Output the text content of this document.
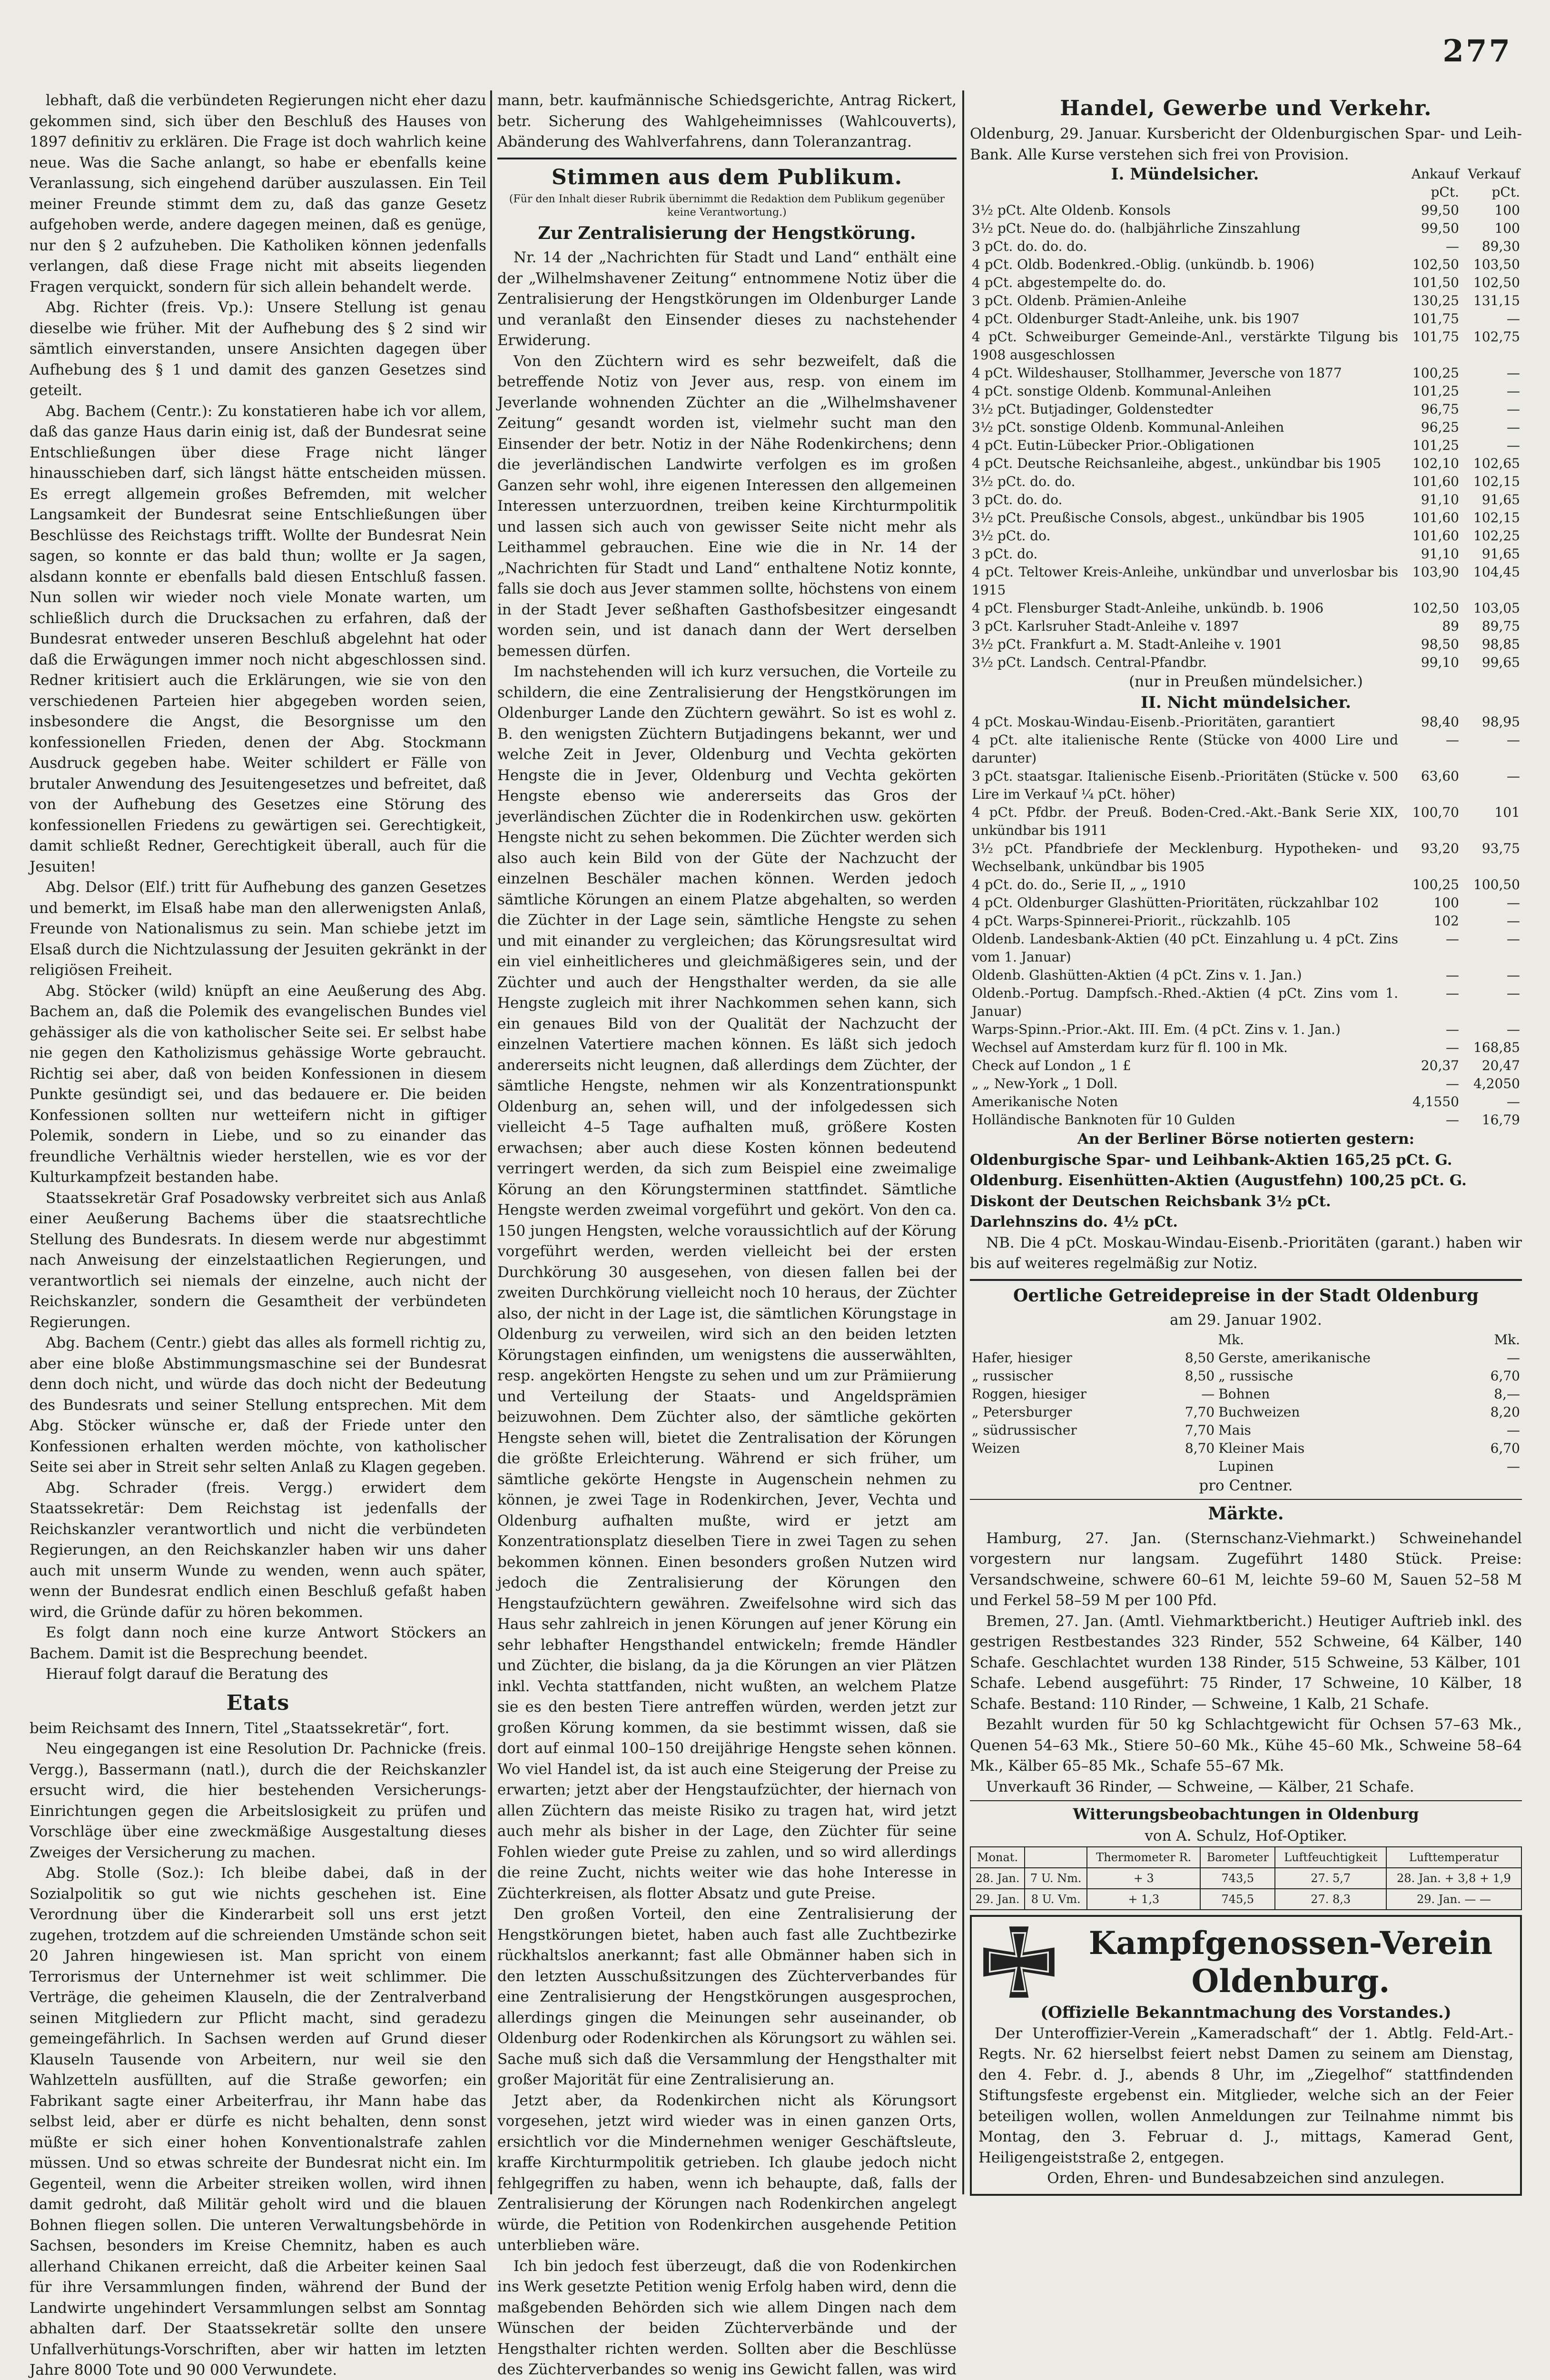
277

lebhaft, daß die verbündeten Regierungen nicht eher dazu gekommen sind, sich über den Beschluß des Hauses von 1897 definitiv zu erklären. Die Frage ist doch wahrlich keine neue. Was die Sache anlangt, so habe er ebenfalls keine Veranlassung, sich eingehend darüber auszulassen. Ein Teil meiner Freunde stimmt dem zu, daß das ganze Gesetz aufgehoben werde, andere dagegen meinen, daß es genüge, nur den § 2 aufzuheben. Die Katholiken können jedenfalls verlangen, daß diese Frage nicht mit abseits liegenden Fragen verquickt, sondern für sich allein behandelt werde.

Abg. Richter (freis. Vp.): Unsere Stellung ist genau dieselbe wie früher. Mit der Aufhebung des § 2 sind wir sämtlich einverstanden, unsere Ansichten dagegen über Aufhebung des § 1 und damit des ganzen Gesetzes sind geteilt.

Abg. Bachem (Centr.): Zu konstatieren habe ich vor allem, daß das ganze Haus darin einig ist, daß der Bundesrat seine Entschließungen über diese Frage nicht länger hinausschieben darf, sich längst hätte entscheiden müssen. Es erregt allgemein großes Befremden, mit welcher Langsamkeit der Bundesrat seine Entschließungen über Beschlüsse des Reichstags trifft. Wollte der Bundesrat Nein sagen, so konnte er das bald thun; wollte er Ja sagen, alsdann konnte er ebenfalls bald diesen Entschluß fassen. Nun sollen wir wieder noch viele Monate warten, um schließlich durch die Drucksachen zu erfahren, daß der Bundesrat entweder unseren Beschluß abgelehnt hat oder daß die Erwägungen immer noch nicht abgeschlossen sind. Redner kritisiert auch die Erklärungen, wie sie von den verschiedenen Parteien hier abgegeben worden seien, insbesondere die Angst, die Besorgnisse um den konfessionellen Frieden, denen der Abg. Stockmann Ausdruck gegeben habe. Weiter schildert er Fälle von brutaler Anwendung des Jesuitengesetzes und befreitet, daß von der Aufhebung des Gesetzes eine Störung des konfessionellen Friedens zu gewärtigen sei. Gerechtigkeit, damit schließt Redner, Gerechtigkeit überall, auch für die Jesuiten!

Abg. Delsor (Elf.) tritt für Aufhebung des ganzen Gesetzes und bemerkt, im Elsaß habe man den allerwenigsten Anlaß, Freunde von Nationalismus zu sein. Man schiebe jetzt im Elsaß durch die Nichtzulassung der Jesuiten gekränkt in der religiösen Freiheit.

Abg. Stöcker (wild) knüpft an eine Aeußerung des Abg. Bachem an, daß die Polemik des evangelischen Bundes viel gehässiger als die von katholischer Seite sei. Er selbst habe nie gegen den Katholizismus gehässige Worte gebraucht. Richtig sei aber, daß von beiden Konfessionen in diesem Punkte gesündigt sei, und das bedauere er. Die beiden Konfessionen sollten nur wetteifern nicht in giftiger Polemik, sondern in Liebe, und so zu einander das freundliche Verhältnis wieder herstellen, wie es vor der Kulturkampfzeit bestanden habe.

Staatssekretär Graf Posadowsky verbreitet sich aus Anlaß einer Aeußerung Bachems über die staatsrechtliche Stellung des Bundesrats. In diesem werde nur abgestimmt nach Anweisung der einzelstaatlichen Regierungen, und verantwortlich sei niemals der einzelne, auch nicht der Reichskanzler, sondern die Gesamtheit der verbündeten Regierungen.

Abg. Bachem (Centr.) giebt das alles als formell richtig zu, aber eine bloße Abstimmungsmaschine sei der Bundesrat denn doch nicht, und würde das doch nicht der Bedeutung des Bundesrats und seiner Stellung entsprechen. Mit dem Abg. Stöcker wünsche er, daß der Friede unter den Konfessionen erhalten werden möchte, von katholischer Seite sei aber in Streit sehr selten Anlaß zu Klagen gegeben.

Abg. Schrader (freis. Vergg.) erwidert dem Staatssekretär: Dem Reichstag ist jedenfalls der Reichskanzler verantwortlich und nicht die verbündeten Regierungen, an den Reichskanzler haben wir uns daher auch mit unserm Wunde zu wenden, wenn auch später, wenn der Bundesrat endlich einen Beschluß gefaßt haben wird, die Gründe dafür zu hören bekommen.

Es folgt dann noch eine kurze Antwort Stöckers an Bachem. Damit ist die Besprechung beendet.

Hierauf folgt darauf die Beratung des

Etats

beim Reichsamt des Innern, Titel „Staatssekretär“, fort.

Neu eingegangen ist eine Resolution Dr. Pachnicke (freis. Vergg.), Bassermann (natl.), durch die der Reichskanzler ersucht wird, die hier bestehenden Versicherungs-Einrichtungen gegen die Arbeitslosigkeit zu prüfen und Vorschläge über eine zweckmäßige Ausgestaltung dieses Zweiges der Versicherung zu machen.

Abg. Stolle (Soz.): Ich bleibe dabei, daß in der Sozialpolitik so gut wie nichts geschehen ist. Eine Verordnung über die Kinderarbeit soll uns erst jetzt zugehen, trotzdem auf die schreienden Umstände schon seit 20 Jahren hingewiesen ist. Man spricht von einem Terrorismus der Unternehmer ist weit schlimmer. Die Verträge, die geheimen Klauseln, die der Zentralverband seinen Mitgliedern zur Pflicht macht, sind geradezu gemeingefährlich. In Sachsen werden auf Grund dieser Klauseln Tausende von Arbeitern, nur weil sie den Wahlzetteln ausfüllten, auf die Straße geworfen; ein Fabrikant sagte einer Arbeiterfrau, ihr Mann habe das selbst leid, aber er dürfe es nicht behalten, denn sonst müßte er sich einer hohen Konventionalstrafe zahlen müssen. Und so etwas schreite der Bundesrat nicht ein. Im Gegenteil, wenn die Arbeiter streiken wollen, wird ihnen damit gedroht, daß Militär geholt wird und die blauen Bohnen fliegen sollen. Die unteren Verwaltungsbehörde in Sachsen, besonders im Kreise Chemnitz, haben es auch allerhand Chikanen erreicht, daß die Arbeiter keinen Saal für ihre Versammlungen finden, während der Bund der Landwirte ungehindert Versammlungen selbst am Sonntag abhalten darf. Der Staatssekretär sollte den unsere Unfallverhütungs-Vorschriften, aber wir hatten im letzten Jahre 8000 Tote und 90 000 Verwundete.

mann, betr. kaufmännische Schiedsgerichte, Antrag Rickert, betr. Sicherung des Wahlgeheimnisses (Wahlcouverts), Abänderung des Wahlverfahrens, dann Toleranzantrag.

Stimmen aus dem Publikum.
(Für den Inhalt dieser Rubrik übernimmt die Redaktion dem Publikum gegenüber keine Verantwortung.)
Zur Zentralisierung der Hengstkörung.

Nr. 14 der „Nachrichten für Stadt und Land“ enthält eine der „Wilhelmshavener Zeitung“ entnommene Notiz über die Zentralisierung der Hengstkörungen im Oldenburger Lande und veranlaßt den Einsender dieses zu nachstehender Erwiderung.

Von den Züchtern wird es sehr bezweifelt, daß die betreffende Notiz von Jever aus, resp. von einem im Jeverlande wohnenden Züchter an die „Wilhelmshavener Zeitung“ gesandt worden ist, vielmehr sucht man den Einsender der betr. Notiz in der Nähe Rodenkirchens; denn die jeverländischen Landwirte verfolgen es im großen Ganzen sehr wohl, ihre eigenen Interessen den allgemeinen Interessen unterzuordnen, treiben keine Kirchturmpolitik und lassen sich auch von gewisser Seite nicht mehr als Leithammel gebrauchen. Eine wie die in Nr. 14 der „Nachrichten für Stadt und Land“ enthaltene Notiz konnte, falls sie doch aus Jever stammen sollte, höchstens von einem in der Stadt Jever seßhaften Gasthofsbesitzer eingesandt worden sein, und ist danach dann der Wert derselben bemessen dürfen.

Im nachstehenden will ich kurz versuchen, die Vorteile zu schildern, die eine Zentralisierung der Hengstkörungen im Oldenburger Lande den Züchtern gewährt. So ist es wohl z. B. den wenigsten Züchtern Butjadingens bekannt, wer und welche Zeit in Jever, Oldenburg und Vechta gekörten Hengste die in Jever, Oldenburg und Vechta gekörten Hengste ebenso wie andererseits das Gros der jeverländischen Züchter die in Rodenkirchen usw. gekörten Hengste nicht zu sehen bekommen. Die Züchter werden sich also auch kein Bild von der Güte der Nachzucht der einzelnen Beschäler machen können. Werden jedoch sämtliche Körungen an einem Platze abgehalten, so werden die Züchter in der Lage sein, sämtliche Hengste zu sehen und mit einander zu vergleichen; das Körungsresultat wird ein viel einheitlicheres und gleichmäßigeres sein, und der Züchter und auch der Hengsthalter werden, da sie alle Hengste zugleich mit ihrer Nachkommen sehen kann, sich ein genaues Bild von der Qualität der Nachzucht der einzelnen Vatertiere machen können. Es läßt sich jedoch andererseits nicht leugnen, daß allerdings dem Züchter, der sämtliche Hengste, nehmen wir als Konzentrationspunkt Oldenburg an, sehen will, und der infolgedessen sich vielleicht 4–5 Tage aufhalten muß, größere Kosten erwachsen; aber auch diese Kosten können bedeutend verringert werden, da sich zum Beispiel eine zweimalige Körung an den Körungsterminen stattfindet. Sämtliche Hengste werden zweimal vorgeführt und gekört. Von den ca. 150 jungen Hengsten, welche voraussichtlich auf der Körung vorgeführt werden, werden vielleicht bei der ersten Durchkörung 30 ausgesehen, von diesen fallen bei der zweiten Durchkörung vielleicht noch 10 heraus, der Züchter also, der nicht in der Lage ist, die sämtlichen Körungstage in Oldenburg zu verweilen, wird sich an den beiden letzten Körungstagen einfinden, um wenigstens die ausserwählten, resp. angekörten Hengste zu sehen und um zur Prämiierung und Verteilung der Staats- und Angeldsprämien beizuwohnen. Dem Züchter also, der sämtliche gekörten Hengste sehen will, bietet die Zentralisation der Körungen die größte Erleichterung. Während er sich früher, um sämtliche gekörte Hengste in Augenschein nehmen zu können, je zwei Tage in Rodenkirchen, Jever, Vechta und Oldenburg aufhalten mußte, wird er jetzt am Konzentrationsplatz dieselben Tiere in zwei Tagen zu sehen bekommen können. Einen besonders großen Nutzen wird jedoch die Zentralisierung der Körungen den Hengstaufzüchtern gewähren. Zweifelsohne wird sich das Haus sehr zahlreich in jenen Körungen auf jener Körung ein sehr lebhafter Hengsthandel entwickeln; fremde Händler und Züchter, die bislang, da ja die Körungen an vier Plätzen inkl. Vechta stattfanden, nicht wußten, an welchem Platze sie es den besten Tiere antreffen würden, werden jetzt zur großen Körung kommen, da sie bestimmt wissen, daß sie dort auf einmal 100–150 dreijährige Hengste sehen können. Wo viel Handel ist, da ist auch eine Steigerung der Preise zu erwarten; jetzt aber der Hengstaufzüchter, der hiernach von allen Züchtern das meiste Risiko zu tragen hat, wird jetzt auch mehr als bisher in der Lage, den Züchter für seine Fohlen wieder gute Preise zu zahlen, und so wird allerdings die reine Zucht, nichts weiter wie das hohe Interesse in Züchterkreisen, als flotter Absatz und gute Preise.

Den großen Vorteil, den eine Zentralisierung der Hengstkörungen bietet, haben auch fast alle Zuchtbezirke rückhaltslos anerkannt; fast alle Obmänner haben sich in den letzten Ausschußsitzungen des Züchterverbandes für eine Zentralisierung der Hengstkörungen ausgesprochen, allerdings gingen die Meinungen sehr auseinander, ob Oldenburg oder Rodenkirchen als Körungsort zu wählen sei. Sache muß sich daß die Versammlung der Hengsthalter mit großer Majorität für eine Zentralisierung an.

Jetzt aber, da Rodenkirchen nicht als Körungsort vorgesehen, jetzt wird wieder was in einen ganzen Orts, ersichtlich vor die Mindernehmen weniger Geschäftsleute, kraffe Kirchturmpolitik getrieben. Ich glaube jedoch nicht fehlgegriffen zu haben, wenn ich behaupte, daß, falls der Zentralisierung der Körungen nach Rodenkirchen angelegt würde, die Petition von Rodenkirchen ausgehende Petition unterblieben wäre.

Ich bin jedoch fest überzeugt, daß die von Rodenkirchen ins Werk gesetzte Petition wenig Erfolg haben wird, denn die maßgebenden Behörden sich wie allem Dingen nach dem Wünschen der beiden Züchterverbände und der Hengsthalter richten werden. Sollten aber die Beschlüsse des Züchterverbandes so wenig ins Gewicht fallen, was wird

Handel, Gewerbe und Verkehr.

Oldenburg, 29. Januar. Kursbericht der Oldenburgischen Spar- und Leih-Bank. Alle Kurse verstehen sich frei von Provision.

I. Mündelsicher.	Ankauf	Verkauf
	pCt.	pCt.
3½ pCt. Alte Oldenb. Konsols	99,50	100
3½ pCt. Neue do. do. (halbjährliche Zinszahlung	99,50	100
3 pCt. do. do. do.	—	89,30
4 pCt. Oldb. Bodenkred.-Oblig. (unkündb. b. 1906)	102,50	103,50
4 pCt. abgestempelte do. do.	101,50	102,50
3 pCt. Oldenb. Prämien-Anleihe	130,25	131,15
4 pCt. Oldenburger Stadt-Anleihe, unk. bis 1907	101,75	—
4 pCt. Schweiburger Gemeinde-Anl., verstärkte Tilgung bis 1908 ausgeschlossen	101,75	102,75
4 pCt. Wildeshauser, Stollhammer, Jeversche von 1877	100,25	—
4 pCt. sonstige Oldenb. Kommunal-Anleihen	101,25	—
3½ pCt. Butjadinger, Goldenstedter	96,75	—
3½ pCt. sonstige Oldenb. Kommunal-Anleihen	96,25	—
4 pCt. Eutin-Lübecker Prior.-Obligationen	101,25	—
4 pCt. Deutsche Reichsanleihe, abgest., unkündbar bis 1905	102,10	102,65
3½ pCt. do. do.	101,60	102,15
3 pCt. do. do.	91,10	91,65
3½ pCt. Preußische Consols, abgest., unkündbar bis 1905	101,60	102,15
3½ pCt. do.	101,60	102,25
3 pCt. do.	91,10	91,65
4 pCt. Teltower Kreis-Anleihe, unkündbar und unverlosbar bis 1915	103,90	104,45
4 pCt. Flensburger Stadt-Anleihe, unkündb. b. 1906	102,50	103,05
3 pCt. Karlsruher Stadt-Anleihe v. 1897	89	89,75
3½ pCt. Frankfurt a. M. Stadt-Anleihe v. 1901	98,50	98,85
3½ pCt. Landsch. Central-Pfandbr.	99,10	99,65
(nur in Preußen mündelsicher.)
II. Nicht mündelsicher.
4 pCt. Moskau-Windau-Eisenb.-Prioritäten, garantiert	98,40	98,95
4 pCt. alte italienische Rente (Stücke von 4000 Lire und darunter)	—	—
3 pCt. staatsgar. Italienische Eisenb.-Prioritäten (Stücke v. 500 Lire im Verkauf ¼ pCt. höher)	63,60	—
4 pCt. Pfdbr. der Preuß. Boden-Cred.-Akt.-Bank Serie XIX, unkündbar bis 1911	100,70	101
3½ pCt. Pfandbriefe der Mecklenburg. Hypotheken- und Wechselbank, unkündbar bis 1905	93,20	93,75
4 pCt. do. do., Serie II, „ „ 1910	100,25	100,50
4 pCt. Oldenburger Glashütten-Prioritäten, rückzahlbar 102	100	—
4 pCt. Warps-Spinnerei-Priorit., rückzahlb. 105	102	—
Oldenb. Landesbank-Aktien (40 pCt. Einzahlung u. 4 pCt. Zins vom 1. Januar)	—	—
Oldenb. Glashütten-Aktien (4 pCt. Zins v. 1. Jan.)	—	—
Oldenb.-Portug. Dampfsch.-Rhed.-Aktien (4 pCt. Zins vom 1. Januar)	—	—
Warps-Spinn.-Prior.-Akt. III. Em. (4 pCt. Zins v. 1. Jan.)	—	—
Wechsel auf Amsterdam kurz für fl. 100 in Mk.	—	168,85
Check auf London „ 1 £	20,37	20,47
„ „ New-York „ 1 Doll.	—	4,2050
Amerikanische Noten	4,1550	—
Holländische Banknoten für 10 Gulden	—	16,79
An der Berliner Börse notierten gestern:
Oldenburgische Spar- und Leihbank-Aktien 165,25 pCt. G.
Oldenburg. Eisenhütten-Aktien (Augustfehn) 100,25 pCt. G.
Diskont der Deutschen Reichsbank 3½ pCt.
Darlehnszins do. 4½ pCt.

NB. Die 4 pCt. Moskau-Windau-Eisenb.-Prioritäten (garant.) haben wir bis auf weiteres regelmäßig zur Notiz.

Oertliche Getreidepreise in der Stadt Oldenburg
am 29. Januar 1902.
	Mk.		Mk.
Hafer, hiesiger	8,50	Gerste, amerikanische	—
„ russischer	8,50	„ russische	6,70
Roggen, hiesiger	—	Bohnen	8,—
„ Petersburger	7,70	Buchweizen	8,20
„ südrussischer	7,70	Mais	—
Weizen	8,70	Kleiner Mais	6,70
		Lupinen	—
pro Centner.
Märkte.

Hamburg, 27. Jan. (Sternschanz-Viehmarkt.) Schweinehandel vorgestern nur langsam. Zugeführt 1480 Stück. Preise: Versandschweine, schwere 60–61 M, leichte 59–60 M, Sauen 52–58 M und Ferkel 58–59 M per 100 Pfd.

Bremen, 27. Jan. (Amtl. Viehmarktbericht.) Heutiger Auftrieb inkl. des gestrigen Restbestandes 323 Rinder, 552 Schweine, 64 Kälber, 140 Schafe. Geschlachtet wurden 138 Rinder, 515 Schweine, 53 Kälber, 101 Schafe. Lebend ausgeführt: 75 Rinder, 17 Schweine, 10 Kälber, 18 Schafe. Bestand: 110 Rinder, — Schweine, 1 Kalb, 21 Schafe.

Bezahlt wurden für 50 kg Schlachtgewicht für Ochsen 57–63 Mk., Quenen 54–63 Mk., Stiere 50–60 Mk., Kühe 45–60 Mk., Schweine 58–64 Mk., Kälber 65–85 Mk., Schafe 55–67 Mk.

Unverkauft 36 Rinder, — Schweine, — Kälber, 21 Schafe.

Witterungsbeobachtungen in Oldenburg
von A. Schulz, Hof-Optiker.
Monat.		Thermometer R.	Barometer	Luftfeuchtigkeit	Lufttemperatur
28. Jan.	7 U. Nm.	+ 3	743,5	27. 5,7	28. Jan. + 3,8 + 1,9
29. Jan.	8 U. Vm.	+ 1,3	745,5	27. 8,3	29. Jan. — —
Kampfgenossen-Verein Oldenburg.
(Offizielle Bekanntmachung des Vorstandes.)

Der Unteroffizier-Verein „Kameradschaft“ der 1. Abtlg. Feld-Art.-Regts. Nr. 62 hierselbst feiert nebst Damen zu seinem am Dienstag, den 4. Febr. d. J., abends 8 Uhr, im „Ziegelhof“ stattfindenden Stiftungsfeste ergebenst ein. Mitglieder, welche sich an der Feier beteiligen wollen, wollen Anmeldungen zur Teilnahme nimmt bis Montag, den 3. Februar d. J., mittags, Kamerad Gent, Heiligengeiststraße 2, entgegen.

Orden, Ehren- und Bundesabzeichen sind anzulegen.
